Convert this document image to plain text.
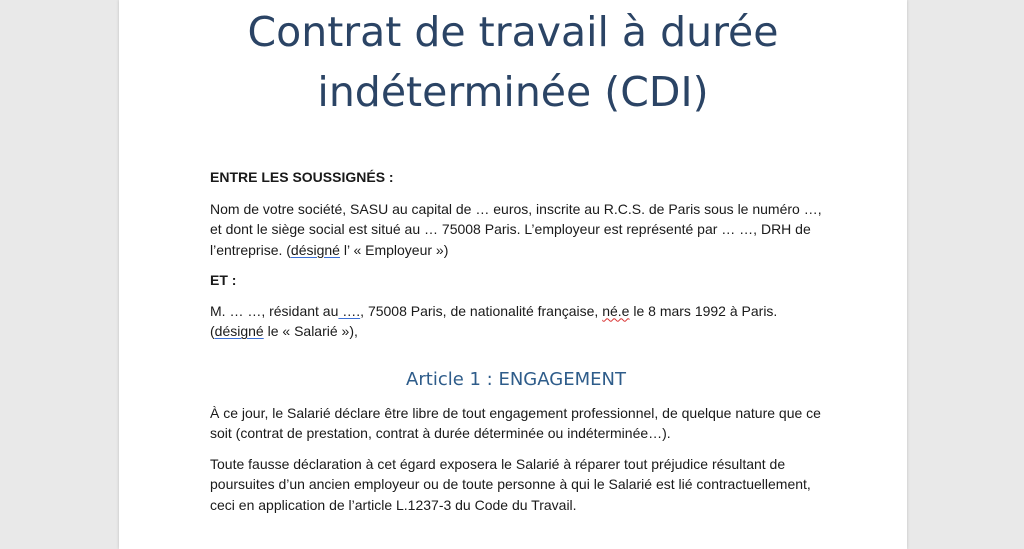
Contrat de travail à durée
indéterminée (CDI)

ENTRE LES SOUSSIGNÉS :

Nom de votre société, SASU au capital de … euros, inscrite au R.C.S. de Paris sous le numéro …, et dont le siège social est situé au … 75008 Paris. L’employeur est représenté par … …, DRH de l’entreprise. (désigné l’ « Employeur »)

ET :

M. … …, résidant au …., 75008 Paris, de nationalité française, né.e le 8 mars 1992 à Paris. (désigné le « Salarié »),

Article 1 : ENGAGEMENT

À ce jour, le Salarié déclare être libre de tout engagement professionnel, de quelque nature que ce soit (contrat de prestation, contrat à durée déterminée ou indéterminée…).

Toute fausse déclaration à cet égard exposera le Salarié à réparer tout préjudice résultant de poursuites d’un ancien employeur ou de toute personne à qui le Salarié est lié contractuellement, ceci en application de l’article L.1237-3 du Code du Travail.
